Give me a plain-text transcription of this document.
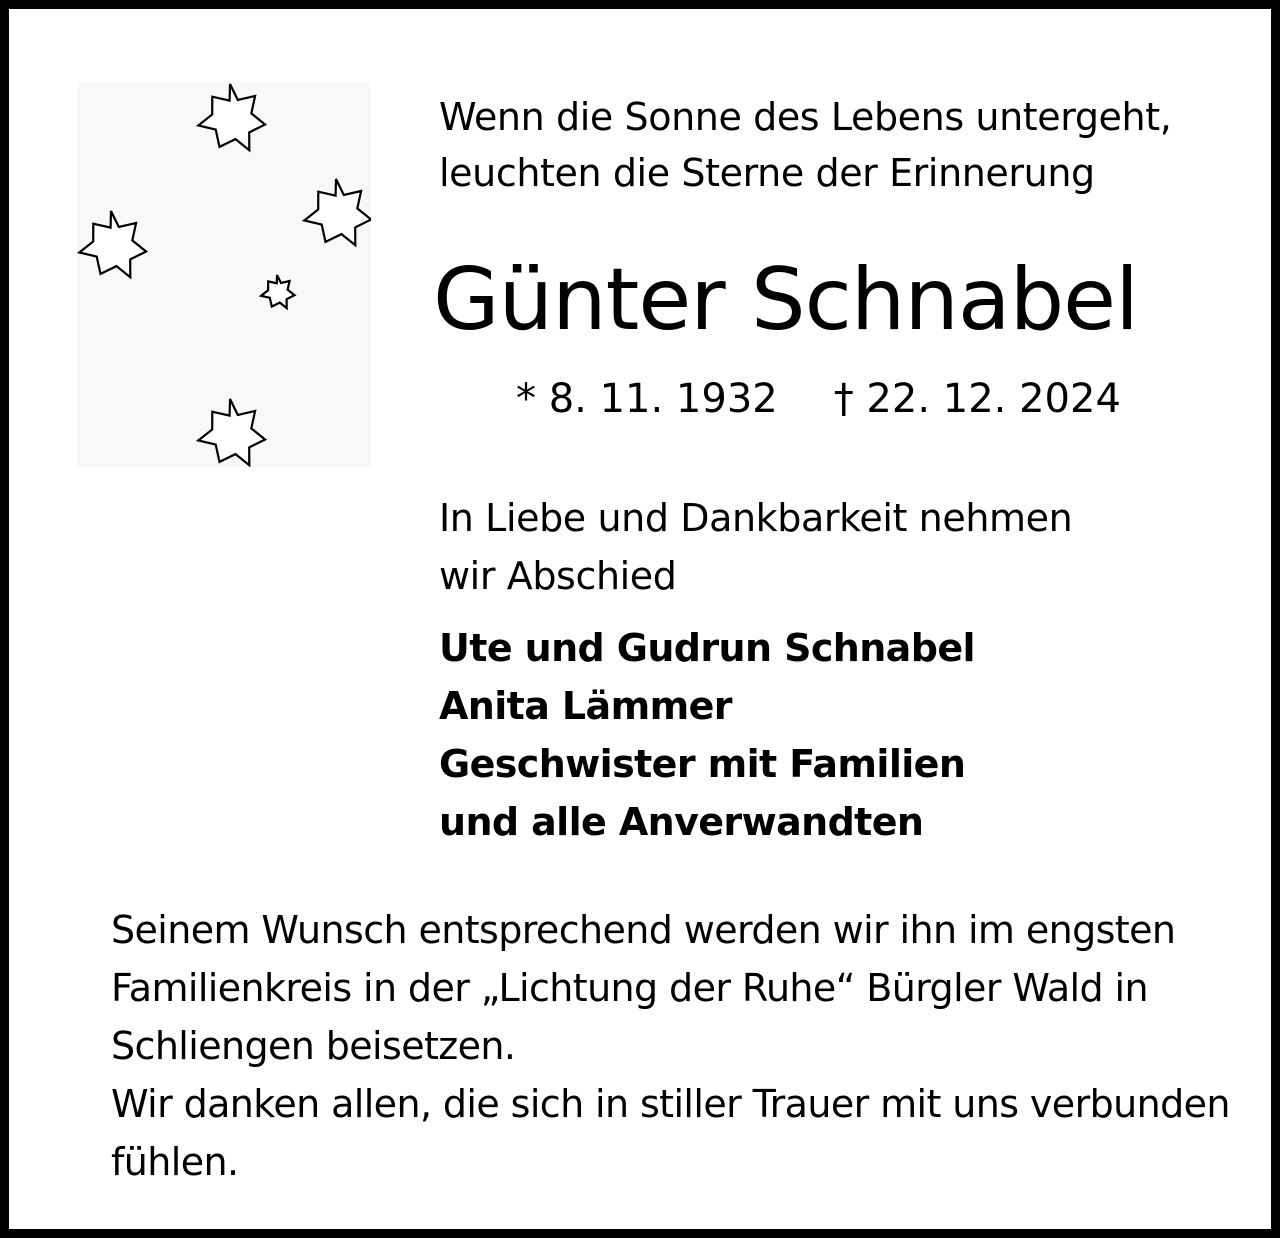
Wenn die Sonne des Lebens untergeht,
leuchten die Sterne der Erinnerung
Günter Schnabel
* 8. 11. 1932 † 22. 12. 2024
In Liebe und Dankbarkeit nehmen
wir Abschied
Ute und Gudrun Schnabel
Anita Lämmer
Geschwister mit Familien
und alle Anverwandten
Seinem Wunsch entsprechend werden wir ihn im engsten
Familienkreis in der „Lichtung der Ruhe“ Bürgler Wald in
Schliengen beisetzen.
Wir danken allen, die sich in stiller Trauer mit uns verbunden
fühlen.
